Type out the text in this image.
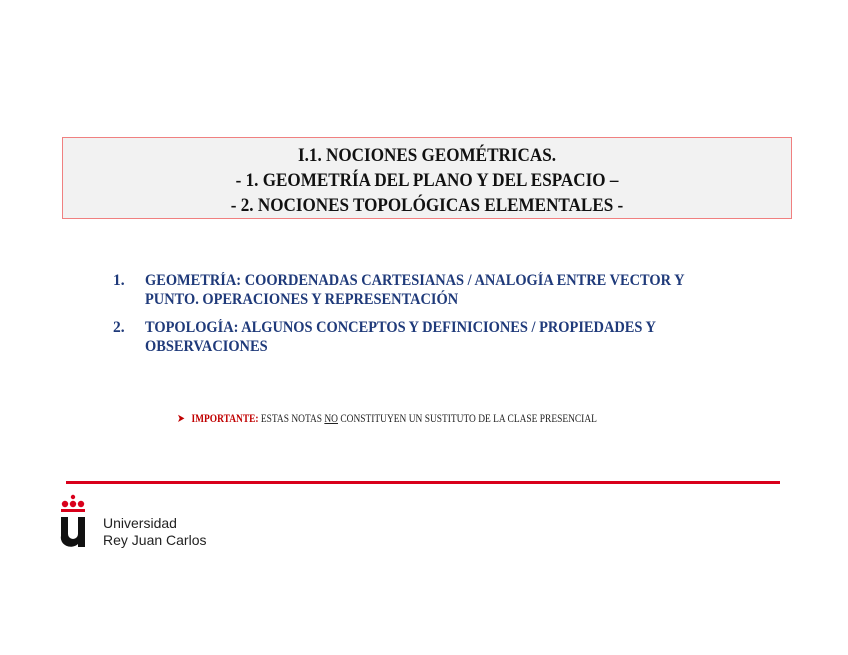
I.1. NOCIONES GEOMÉTRICAS.
- 1. GEOMETRÍA DEL PLANO Y DEL ESPACIO –
- 2. NOCIONES TOPOLÓGICAS ELEMENTALES -
1.	GEOMETRÍA: COORDENADAS CARTESIANAS / ANALOGÍA ENTRE VECTOR Y PUNTO. OPERACIONES Y REPRESENTACIÓN
2.	TOPOLOGÍA: ALGUNOS CONCEPTOS Y DEFINICIONES / PROPIEDADES Y OBSERVACIONES
➤ IMPORTANTE: ESTAS NOTAS NO CONSTITUYEN UN SUSTITUTO DE LA CLASE PRESENCIAL
Universidad
Rey Juan Carlos
